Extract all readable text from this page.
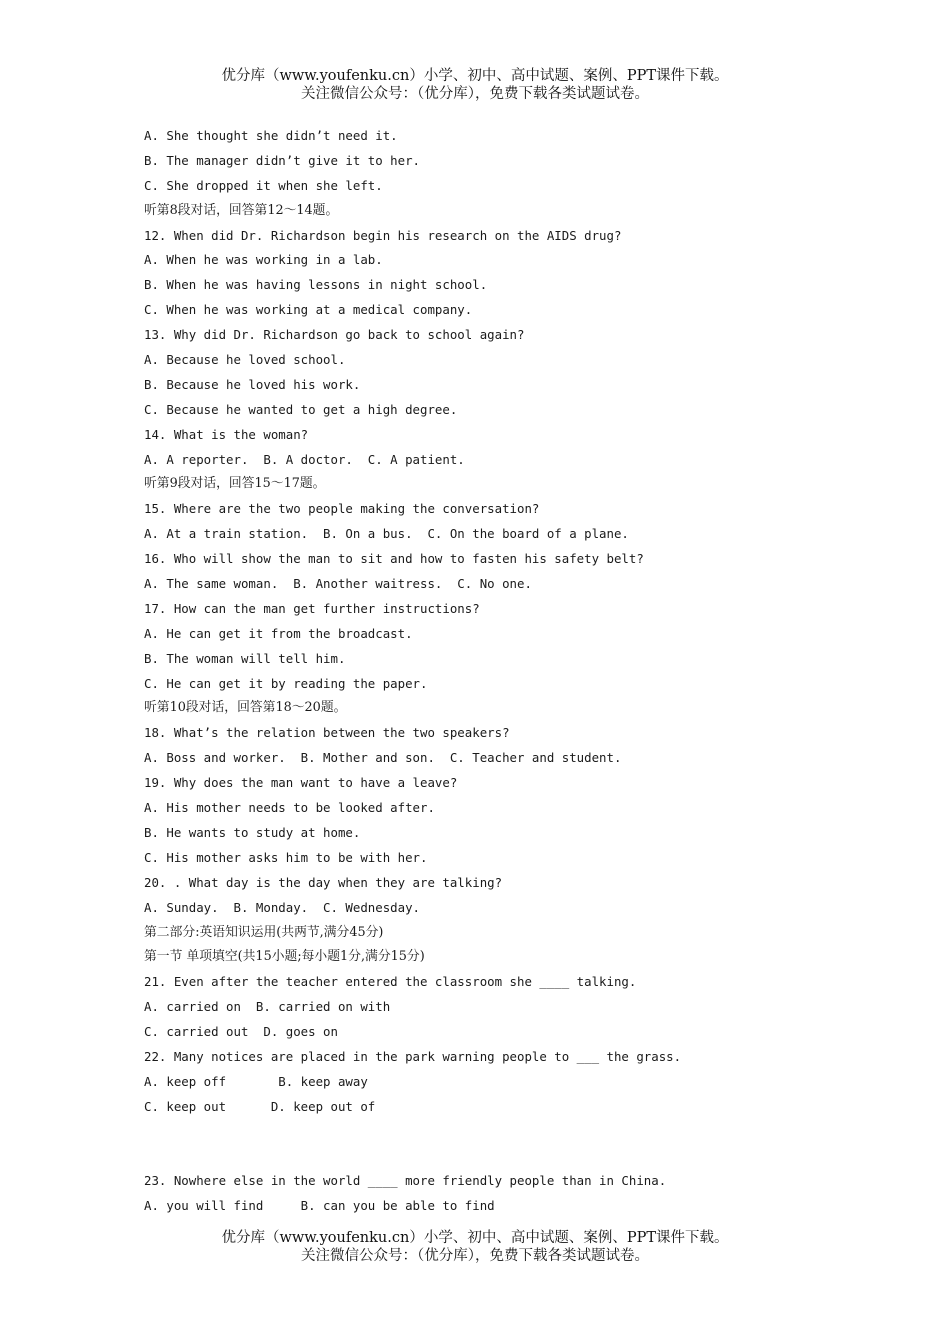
优分库（www.youfenku.cn）小学、初中、高中试题、案例、PPT课件下载。
关注微信公众号：（优分库），免费下载各类试题试卷。
A. She thought she didn’t need it.
B. The manager didn’t give it to her.
C. She dropped it when she left.
听第8段对话，回答第12～14题。
12. When did Dr. Richardson begin his research on the AIDS drug?
A. When he was working in a lab.
B. When he was having lessons in night school.
C. When he was working at a medical company.
13. Why did Dr. Richardson go back to school again?
A. Because he loved school.
B. Because he loved his work.
C. Because he wanted to get a high degree.
14. What is the woman?
A. A reporter.  B. A doctor.  C. A patient.
听第9段对话，回答15～17题。
15. Where are the two people making the conversation?
A. At a train station.  B. On a bus.  C. On the board of a plane.
16. Who will show the man to sit and how to fasten his safety belt?
A. The same woman.  B. Another waitress.  C. No one.
17. How can the man get further instructions?
A. He can get it from the broadcast.
B. The woman will tell him.
C. He can get it by reading the paper.
听第10段对话，回答第18～20题。
18. What’s the relation between the two speakers?
A. Boss and worker.  B. Mother and son.  C. Teacher and student.
19. Why does the man want to have a leave?
A. His mother needs to be looked after.
B. He wants to study at home.
C. His mother asks him to be with her.
20. . What day is the day when they are talking?
A. Sunday.  B. Monday.  C. Wednesday.
第二部分:英语知识运用(共两节,满分45分)
第一节 单项填空(共15小题;每小题1分,满分15分)
21. Even after the teacher entered the classroom she ____ talking.
A. carried on  B. carried on with
C. carried out  D. goes on
22. Many notices are placed in the park warning people to ___ the grass.
A. keep off       B. keep away
C. keep out      D. keep out of
23. Nowhere else in the world ____ more friendly people than in China.
A. you will find     B. can you be able to find
优分库（www.youfenku.cn）小学、初中、高中试题、案例、PPT课件下载。
关注微信公众号：（优分库），免费下载各类试题试卷。
